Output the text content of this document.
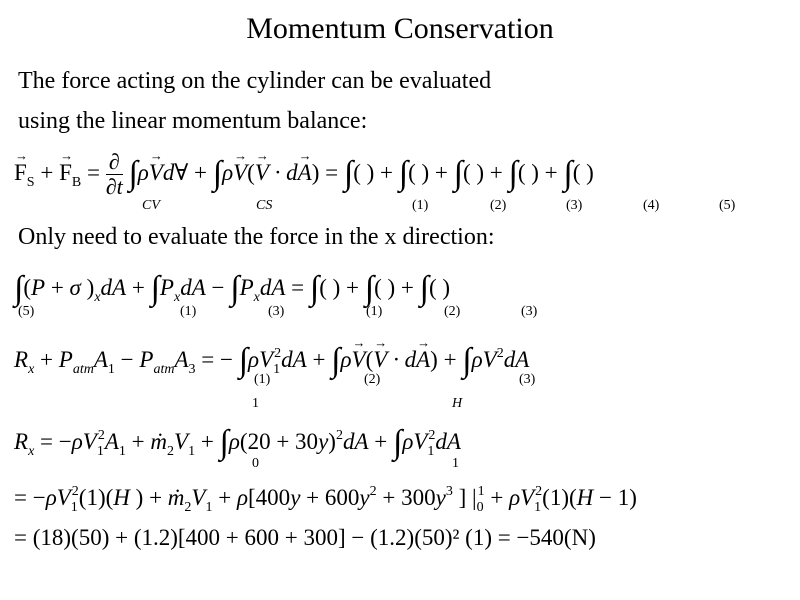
Momentum Conservation
The force acting on the cylinder can be evaluated
using the linear momentum balance:
→ $F_S$ + → $F_B = \frac{\partial}{\partial t} \int\rho\to$ Vd∀ + ∫ρ→ V(→ V · d→ A) = ∫( ) + ∫( ) + ∫( ) + ∫( ) + ∫( )
CV	CS	(1)	(2)	(3)	(4)	(5)
Only need to evaluate the force in the x direction:
∫(P + σ )$_xdA + \int P_xdA - \int P_xdA$ = ∫( ) + ∫( ) + ∫( )
(5)	(1)	(3)	(1)	(2)	(3)
$R_x + P_{atm}A_1 - P_{atm}A_3$ = − $\int\rho V_1^2dA + \int\rho\to V(\to V \cdot d\to A) + \int\rho V^2dA$
(1)	(2)	(3)
1	H
$R_x = -\rho V_1^2A_1$ + $ṁ_2V_1 + \int\rho(20 + 30y)^2dA + \int\rho V_1^2dA$
0	1
= $-\rho V_1^2(1)(H$ ) + $ṁ_2V_1 + \rho[400y + 600y^2 + 300y^3$ ] $|_0^1 + \rho V_1^2(1)(H - 1)$
= (18)(50) + (1.2)[400 + 600 + 300] − (1.2)(50)² (1) = −540(N)
